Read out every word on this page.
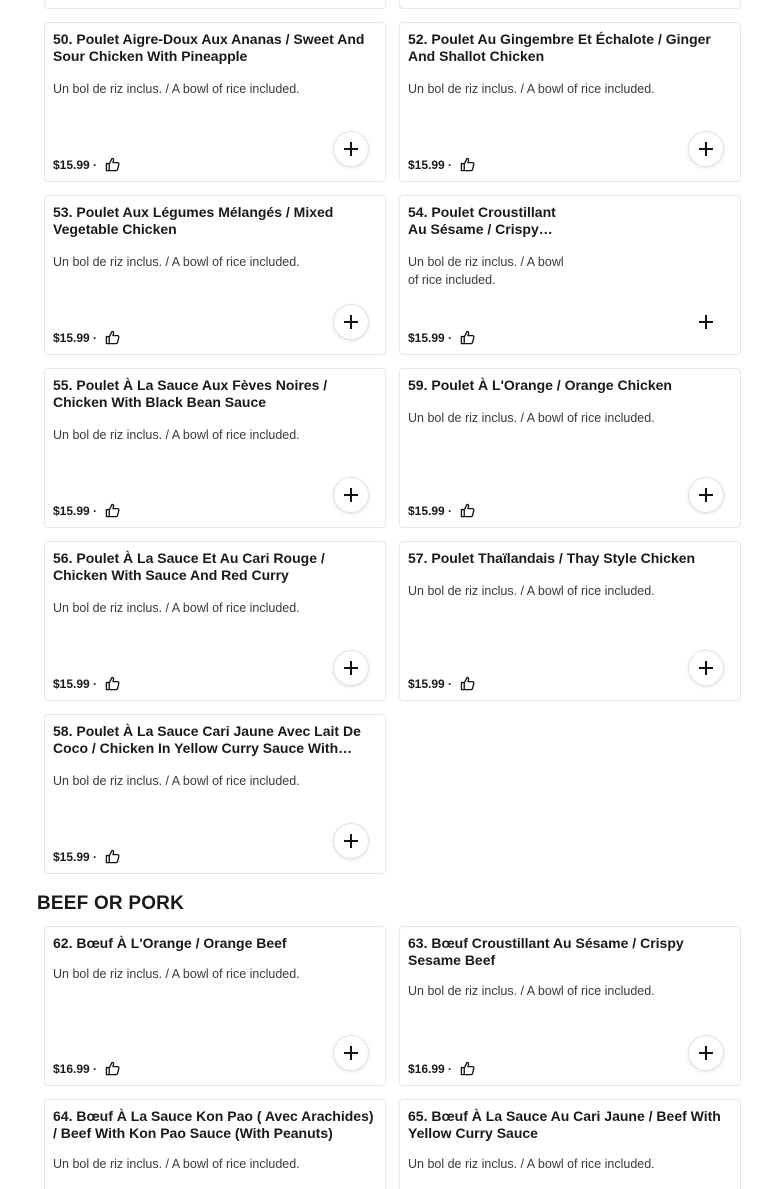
50. Poulet Aigre-Doux Aux Ananas / Sweet And Sour Chicken With Pineapple
Un bol de riz inclus. / A bowl of rice included.
$15.99 ·
52. Poulet Au Gingembre Et Échalote / Ginger And Shallot Chicken
Un bol de riz inclus. / A bowl of rice included.
$15.99 ·
53. Poulet Aux Légumes Mélangés / Mixed Vegetable Chicken
Un bol de riz inclus. / A bowl of rice included.
$15.99 ·
54. Poulet Croustillant Au Sésame / Crispy…
Un bol de riz inclus. / A bowl of rice included.
$15.99 ·
55. Poulet À La Sauce Aux Fèves Noires / Chicken With Black Bean Sauce
Un bol de riz inclus. / A bowl of rice included.
$15.99 ·
59. Poulet À L'Orange / Orange Chicken
Un bol de riz inclus. / A bowl of rice included.
$15.99 ·
56. Poulet À La Sauce Et Au Cari Rouge / Chicken With Sauce And Red Curry
Un bol de riz inclus. / A bowl of rice included.
$15.99 ·
57. Poulet Thaïlandais / Thay Style Chicken
Un bol de riz inclus. / A bowl of rice included.
$15.99 ·
58. Poulet À La Sauce Cari Jaune Avec Lait De Coco / Chicken In Yellow Curry Sauce With…
Un bol de riz inclus. / A bowl of rice included.
$15.99 ·
BEEF OR PORK
62. Bœuf À L'Orange / Orange Beef
Un bol de riz inclus. / A bowl of rice included.
$16.99 ·
63. Bœuf Croustillant Au Sésame / Crispy Sesame Beef
Un bol de riz inclus. / A bowl of rice included.
$16.99 ·
64. Bœuf À La Sauce Kon Pao ( Avec Arachides) / Beef With Kon Pao Sauce (With Peanuts)
Un bol de riz inclus. / A bowl of rice included.
65. Bœuf À La Sauce Au Cari Jaune / Beef With Yellow Curry Sauce
Un bol de riz inclus. / A bowl of rice included.
